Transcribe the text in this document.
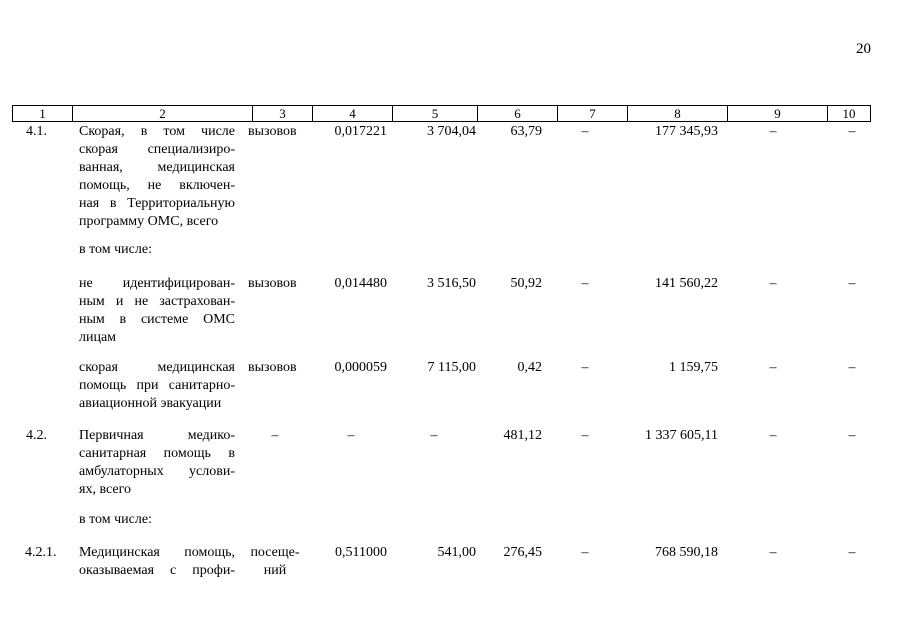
20
1	2	3	4	5	6	7	8	9	10
4.1. Скорая, в том числе
скорая специализиро-
ванная, медицинская
помощь, не включен-
ная в Территориальную
программу ОМС, всего
вызовов	0,017221	3 704,04	63,79	–	177 345,93	–	–
в том числе:
не идентифицирован-
ным и не застрахован-
ным в системе ОМС
лицам
вызовов	0,014480	3 516,50	50,92	–	141 560,22	–	–
скорая медицинская
помощь при санитарно-
авиационной эвакуации
вызовов	0,000059	7 115,00	0,42	–	1 159,75	–	–
4.2. Первичная медико-
санитарная помощь в
амбулаторных услови-
ях, всего
–	–	–	481,12	–	1 337 605,11	–	–
в том числе:
4.2.1. Медицинская помощь,
оказываемая с профи-
посеще-
ний
0,511000	541,00	276,45	–	768 590,18	–	–
